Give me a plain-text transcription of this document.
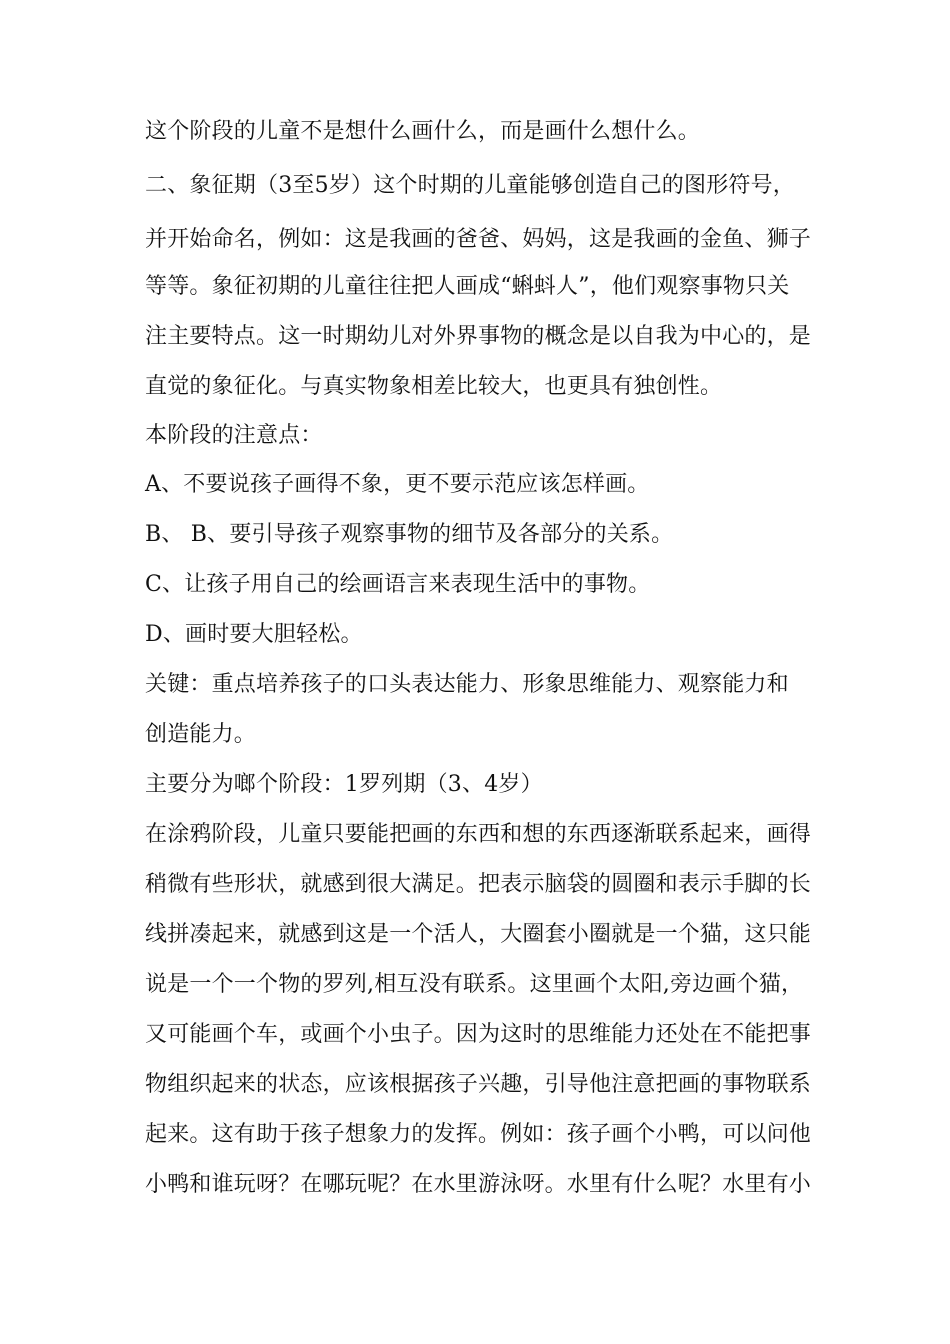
这个阶段的儿童不是想什么画什么，而是画什么想什么。
二、象征期（3至5岁）这个时期的儿童能够创造自己的图形符号，
并开始命名，例如：这是我画的爸爸、妈妈，这是我画的金鱼、狮子
等等。象征初期的儿童往往把人画成“蝌蚪人”，他们观察事物只关
注主要特点。这一时期幼儿对外界事物的概念是以自我为中心的，是
直觉的象征化。与真实物象相差比较大，也更具有独创性。
本阶段的注意点：
A、不要说孩子画得不象，更不要示范应该怎样画。
B、 B、要引导孩子观察事物的细节及各部分的关系。
C、让孩子用自己的绘画语言来表现生活中的事物。
D、画时要大胆轻松。
关键：重点培养孩子的口头表达能力、形象思维能力、观察能力和
创造能力。
主要分为啷个阶段：1罗列期（3、4岁）
在涂鸦阶段，儿童只要能把画的东西和想的东西逐渐联系起来，画得
稍微有些形状，就感到很大满足。把表示脑袋的圆圈和表示手脚的长
线拼凑起来，就感到这是一个活人，大圈套小圈就是一个猫，这只能
说是一个一个物的罗列,相互没有联系。这里画个太阳,旁边画个猫，
又可能画个车，或画个小虫子。因为这时的思维能力还处在不能把事
物组织起来的状态，应该根据孩子兴趣，引导他注意把画的事物联系
起来。这有助于孩子想象力的发挥。例如：孩子画个小鸭，可以问他
小鸭和谁玩呀？在哪玩呢？在水里游泳呀。水里有什么呢？水里有小
